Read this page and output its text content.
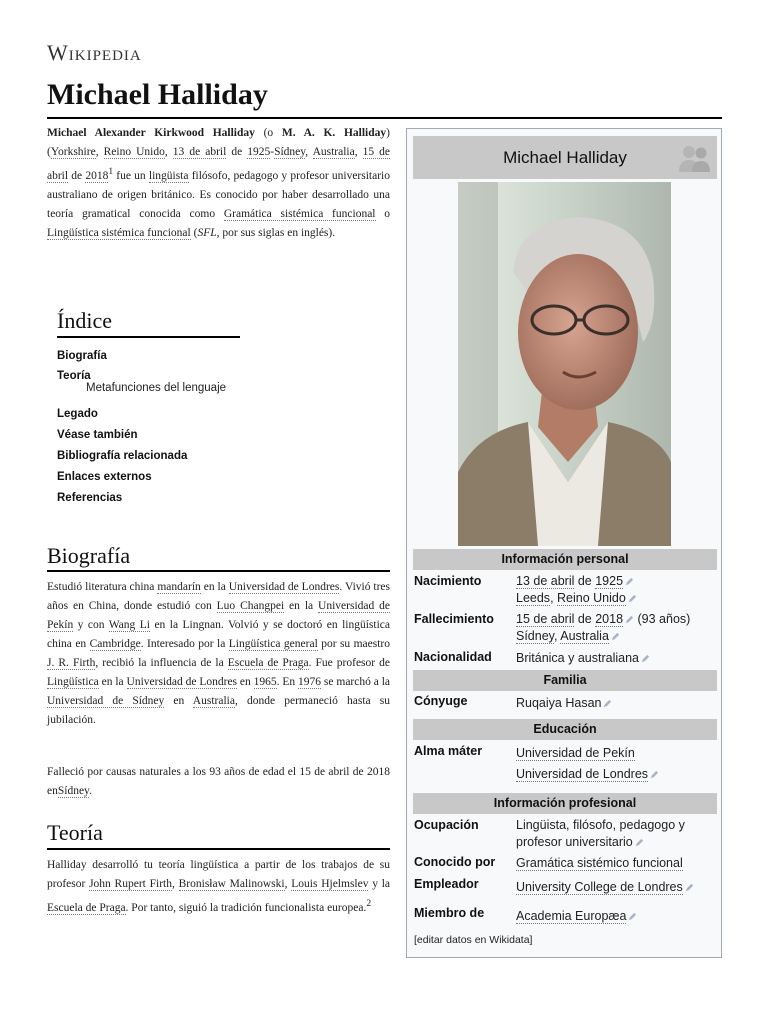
Wikipedia
Michael Halliday
Michael Alexander Kirkwood Halliday (o M. A. K. Halliday) (Yorkshire, Reino Unido, 13 de abril de 1925-Sídney, Australia, 15 de abril de 2018$^1$ fue un lingüista filósofo, pedagogo y profesor universitario australiano de origen británico. Es conocido por haber desarrollado una teoría gramatical conocida como Gramática sistémica funcional o Lingüística sistémica funcional (SFL, por sus siglas en inglés).
Índice
Biografía
Teoría
Metafunciones del lenguaje
Legado
Véase también
Bibliografía relacionada
Enlaces externos
Referencias
Biografía
Estudió literatura china mandarín en la Universidad de Londres. Vivió tres años en China, donde estudió con Luo Changpei en la Universidad de Pekín y con Wang Li en la Lingnan. Volvió y se doctoró en lingüística china en Cambridge. Interesado por la Lingüística general por su maestro J. R. Firth, recibió la influencia de la Escuela de Praga. Fue profesor de Lingüística en la Universidad de Londres en 1965. En 1976 se marchó a la Universidad de Sídney en Australia, donde permaneció hasta su jubilación.
Falleció por causas naturales a los 93 años de edad el 15 de abril de 2018 enSídney.
Teoría
Halliday desarrolló tu teoría lingüística a partir de los trabajos de su profesor John Rupert Firth, Bronisław Malinowski, Louis Hjelmslev y la Escuela de Praga. Por tanto, siguió la tradición funcionalista europea.$^2$
Michael Halliday
Información personal
Nacimiento	13 de abril de 1925
Leeds, Reino Unido
Fallecimiento 15 de abril de 2018 (93 años)
Sídney, Australia
Nacionalidad Británica y australiana
Familia
Cónyuge	Ruqaiya Hasan
Educación
Alma máter	Universidad de Pekín
Universidad de Londres
Información profesional
Ocupación	Lingüista, filósofo, pedagogo y profesor universitario
Conocido por Gramática sistémico funcional
Empleador	University College de Londres
Miembro de	Academia Europæa
[editar datos en Wikidata]
